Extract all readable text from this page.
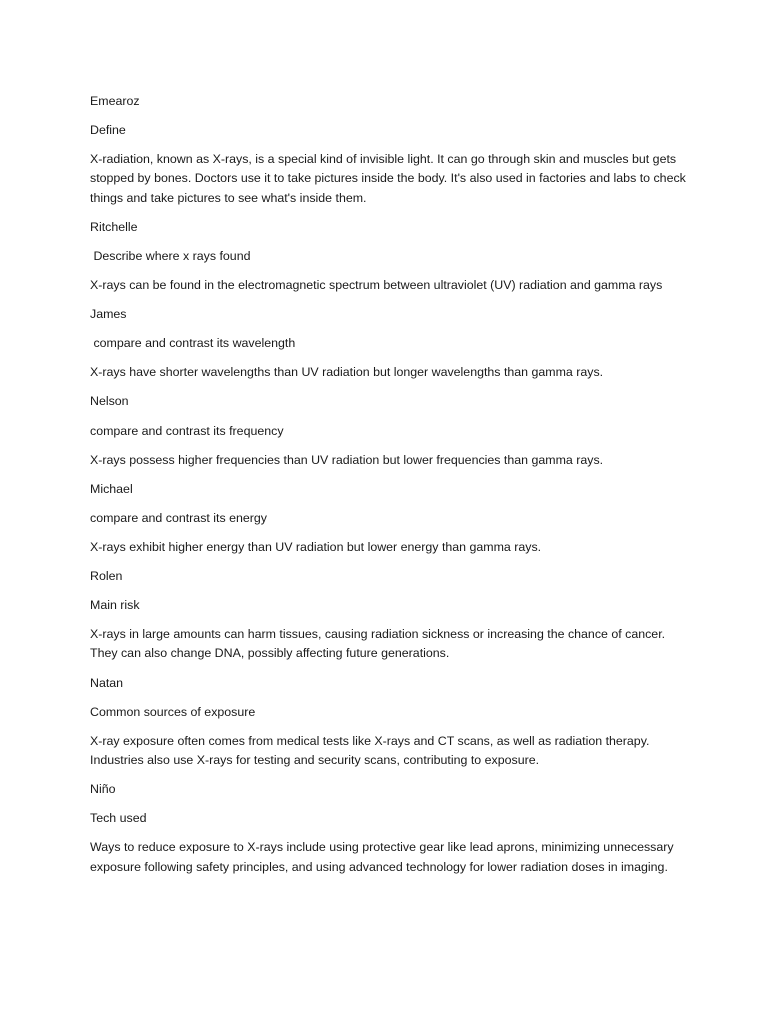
Emearoz

Define

X-radiation, known as X-rays, is a special kind of invisible light. It can go through skin and muscles but gets stopped by bones. Doctors use it to take pictures inside the body. It's also used in factories and labs to check things and take pictures to see what's inside them.

Ritchelle

Describe where x rays found

X-rays can be found in the electromagnetic spectrum between ultraviolet (UV) radiation and gamma rays

James

compare and contrast its wavelength

X-rays have shorter wavelengths than UV radiation but longer wavelengths than gamma rays.

Nelson

compare and contrast its frequency

X-rays possess higher frequencies than UV radiation but lower frequencies than gamma rays.

Michael

compare and contrast its energy

X-rays exhibit higher energy than UV radiation but lower energy than gamma rays.

Rolen

Main risk

X-rays in large amounts can harm tissues, causing radiation sickness or increasing the chance of cancer. They can also change DNA, possibly affecting future generations.

Natan

Common sources of exposure

X-ray exposure often comes from medical tests like X-rays and CT scans, as well as radiation therapy. Industries also use X-rays for testing and security scans, contributing to exposure.

Niño

Tech used

Ways to reduce exposure to X-rays include using protective gear like lead aprons, minimizing unnecessary exposure following safety principles, and using advanced technology for lower radiation doses in imaging.
